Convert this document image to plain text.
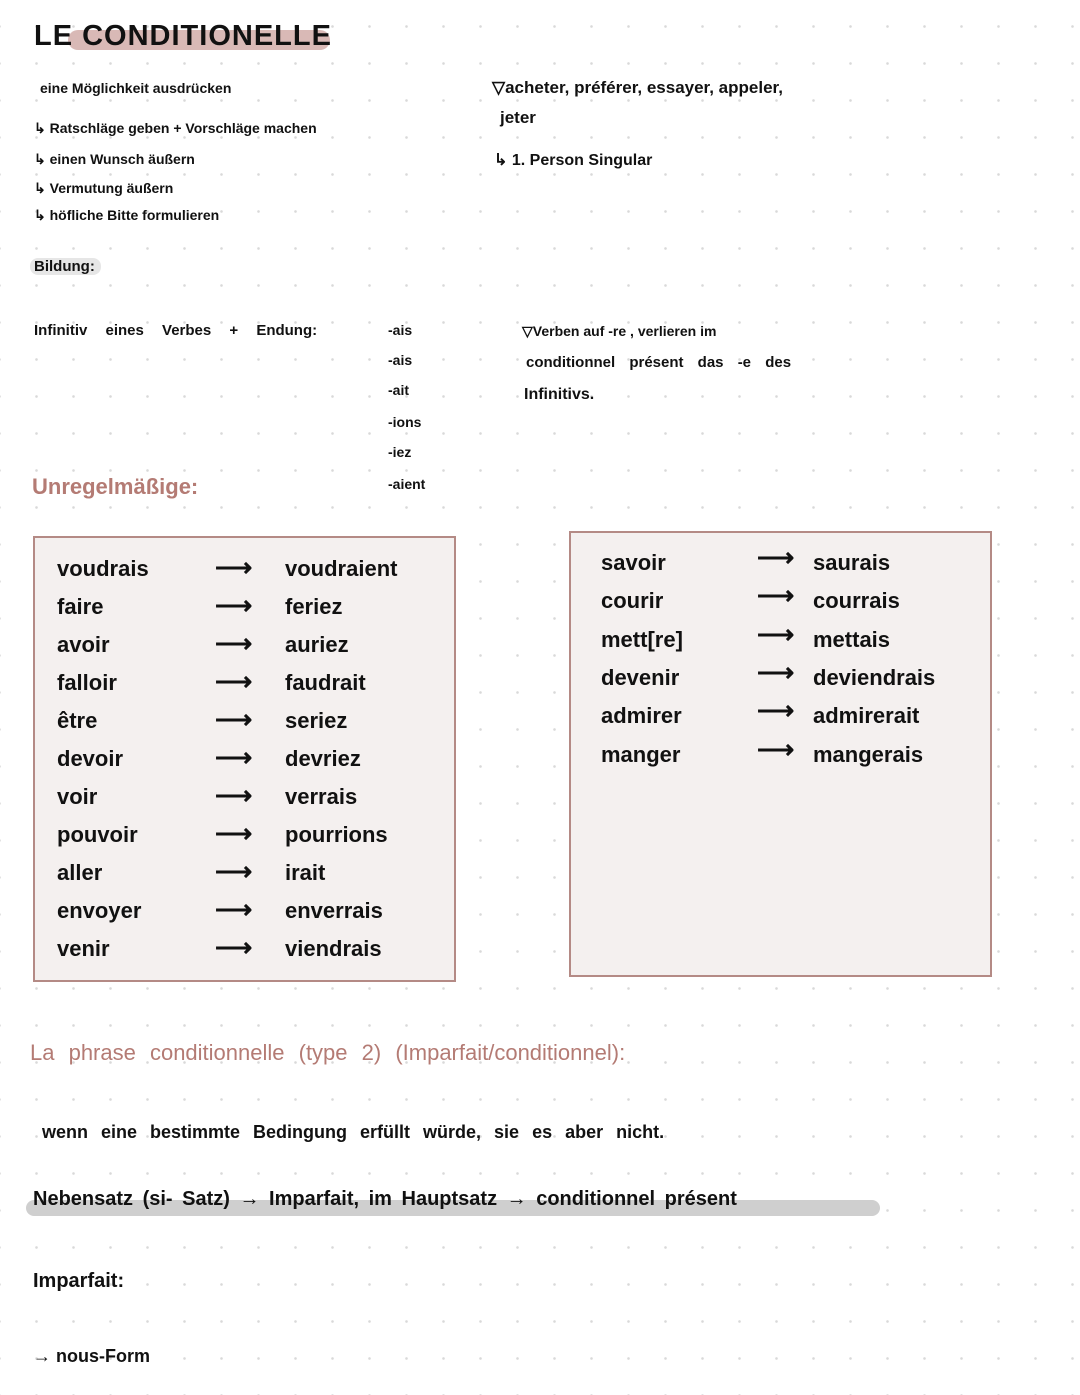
LE CONDITIONELLE
eine Möglichkeit ausdrücken
↳ Ratschläge geben + Vorschläge machen
↳ einen Wunsch äußern
↳ Vermutung äußern
↳ höfliche Bitte formulieren
▽acheter, préférer, essayer, appeler,
jeter
↳ 1. Person Singular
Bildung:
Infinitiv eines Verbes + Endung:	-ais
-ais
-ait
-ions
-iez
-aient
▽Verben auf -re , verlieren im
conditionnel présent das -e des
Infinitivs.
Unregelmäßige:
La phrase conditionnelle (type 2) (Imparfait/conditionnel):
wenn eine bestimmte Bedingung erfüllt würde, sie es aber nicht.
Nebensatz (si- Satz) → Imparfait, im Hauptsatz → conditionnel présent
Imparfait:
→ nous-Form
voudrais	⟶ voudraient
faire	⟶ feriez
avoir	⟶ auriez
falloir	⟶ faudrait
être	⟶ seriez
devoir	⟶ devriez
voir	⟶ verrais
pouvoir	⟶ pourrions
aller	⟶ irait
envoyer	⟶ enverrais
venir	⟶ viendrais
savoir	⟶ saurais
courir	⟶ courrais
mett[re]	⟶ mettais
devenir	⟶ deviendrais
admirer	⟶ admirerait
manger	⟶ mangerais
